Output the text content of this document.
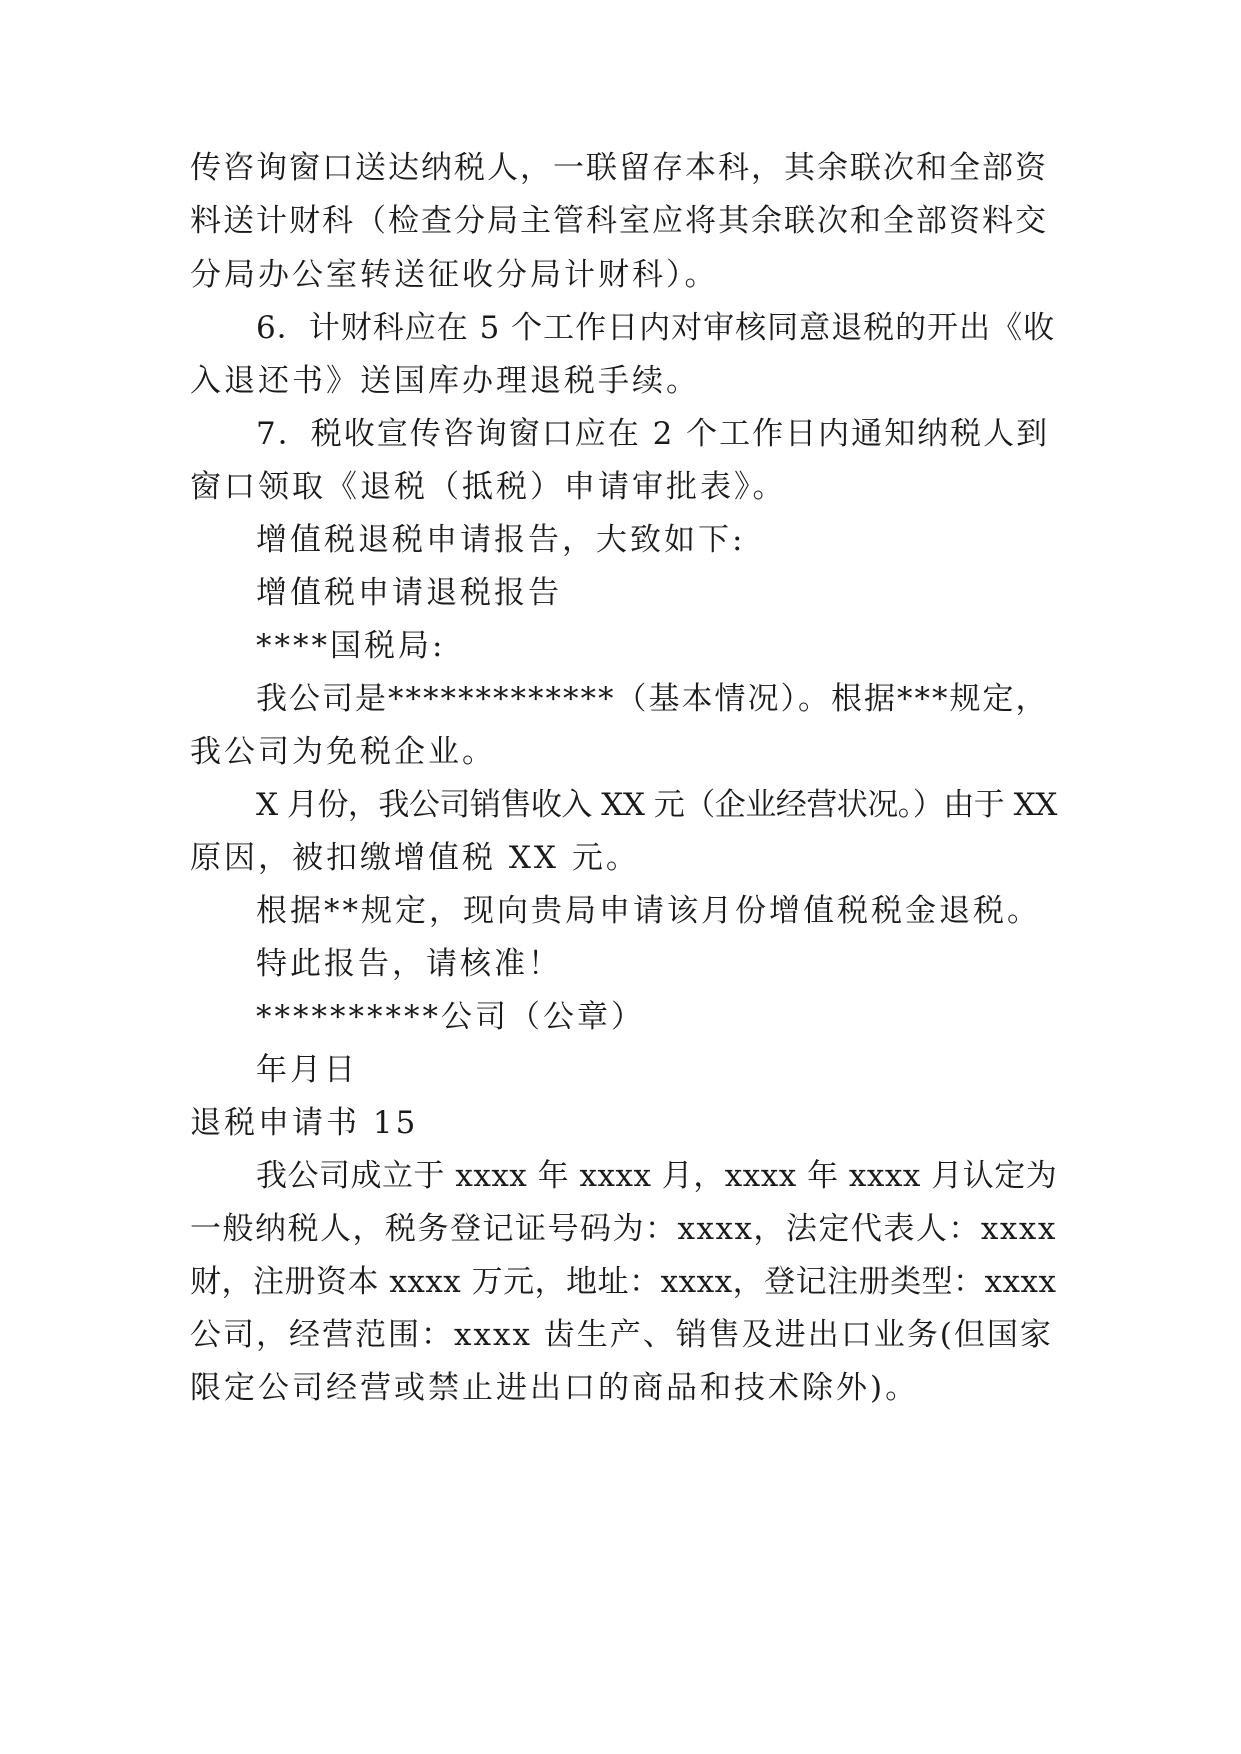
传咨询窗口送达纳税人，一联留存本科，其余联次和全部资
料送计财科（检查分局主管科室应将其余联次和全部资料交
分局办公室转送征收分局计财科）。
6．计财科应在 5 个工作日内对审核同意退税的开出《收
入退还书》送国库办理退税手续。
7．税收宣传咨询窗口应在 2 个工作日内通知纳税人到
窗口领取《退税（抵税）申请审批表》。
增值税退税申请报告，大致如下:
增值税申请退税报告
****国税局:
我公司是*************（基本情况）。根据***规定，
我公司为免税企业。
X 月份，我公司销售收入 XX 元（企业经营状况。）由于 XX
原因，被扣缴增值税 XX 元。
根据**规定，现向贵局申请该月份增值税税金退税。
特此报告，请核准！
**********公司（公章）
年月日
退税申请书 15
我公司成立于 xxxx 年 xxxx 月，xxxx 年 xxxx 月认定为
一般纳税人，税务登记证号码为：xxxx，法定代表人：xxxx
财，注册资本 xxxx 万元，地址：xxxx，登记注册类型：xxxx
公司，经营范围：xxxx 齿生产、销售及进出口业务(但国家
限定公司经营或禁止进出口的商品和技术除外)。
